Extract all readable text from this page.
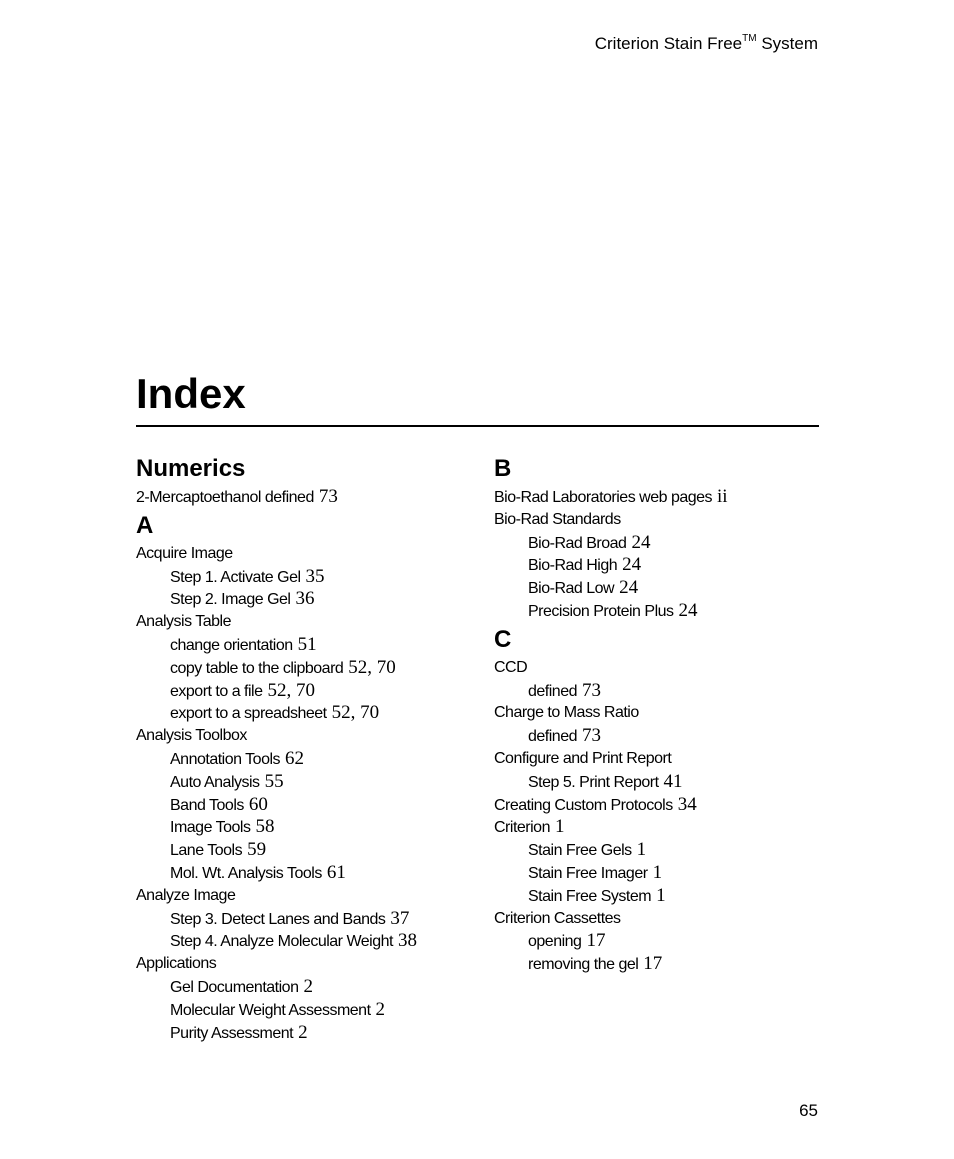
Criterion Stain Free™ System
Index
Numerics
2-Mercaptoethanol defined 73
A
Acquire Image
Step 1. Activate Gel 35
Step 2. Image Gel 36
Analysis Table
change orientation 51
copy table to the clipboard 52, 70
export to a file 52, 70
export to a spreadsheet 52, 70
Analysis Toolbox
Annotation Tools 62
Auto Analysis 55
Band Tools 60
Image Tools 58
Lane Tools 59
Mol. Wt. Analysis Tools 61
Analyze Image
Step 3. Detect Lanes and Bands 37
Step 4. Analyze Molecular Weight 38
Applications
Gel Documentation 2
Molecular Weight Assessment 2
Purity Assessment 2
B
Bio-Rad Laboratories web pages ii
Bio-Rad Standards
Bio-Rad Broad 24
Bio-Rad High 24
Bio-Rad Low 24
Precision Protein Plus 24
C
CCD
defined 73
Charge to Mass Ratio
defined 73
Configure and Print Report
Step 5. Print Report 41
Creating Custom Protocols 34
Criterion 1
Stain Free Gels 1
Stain Free Imager 1
Stain Free System 1
Criterion Cassettes
opening 17
removing the gel 17
65
